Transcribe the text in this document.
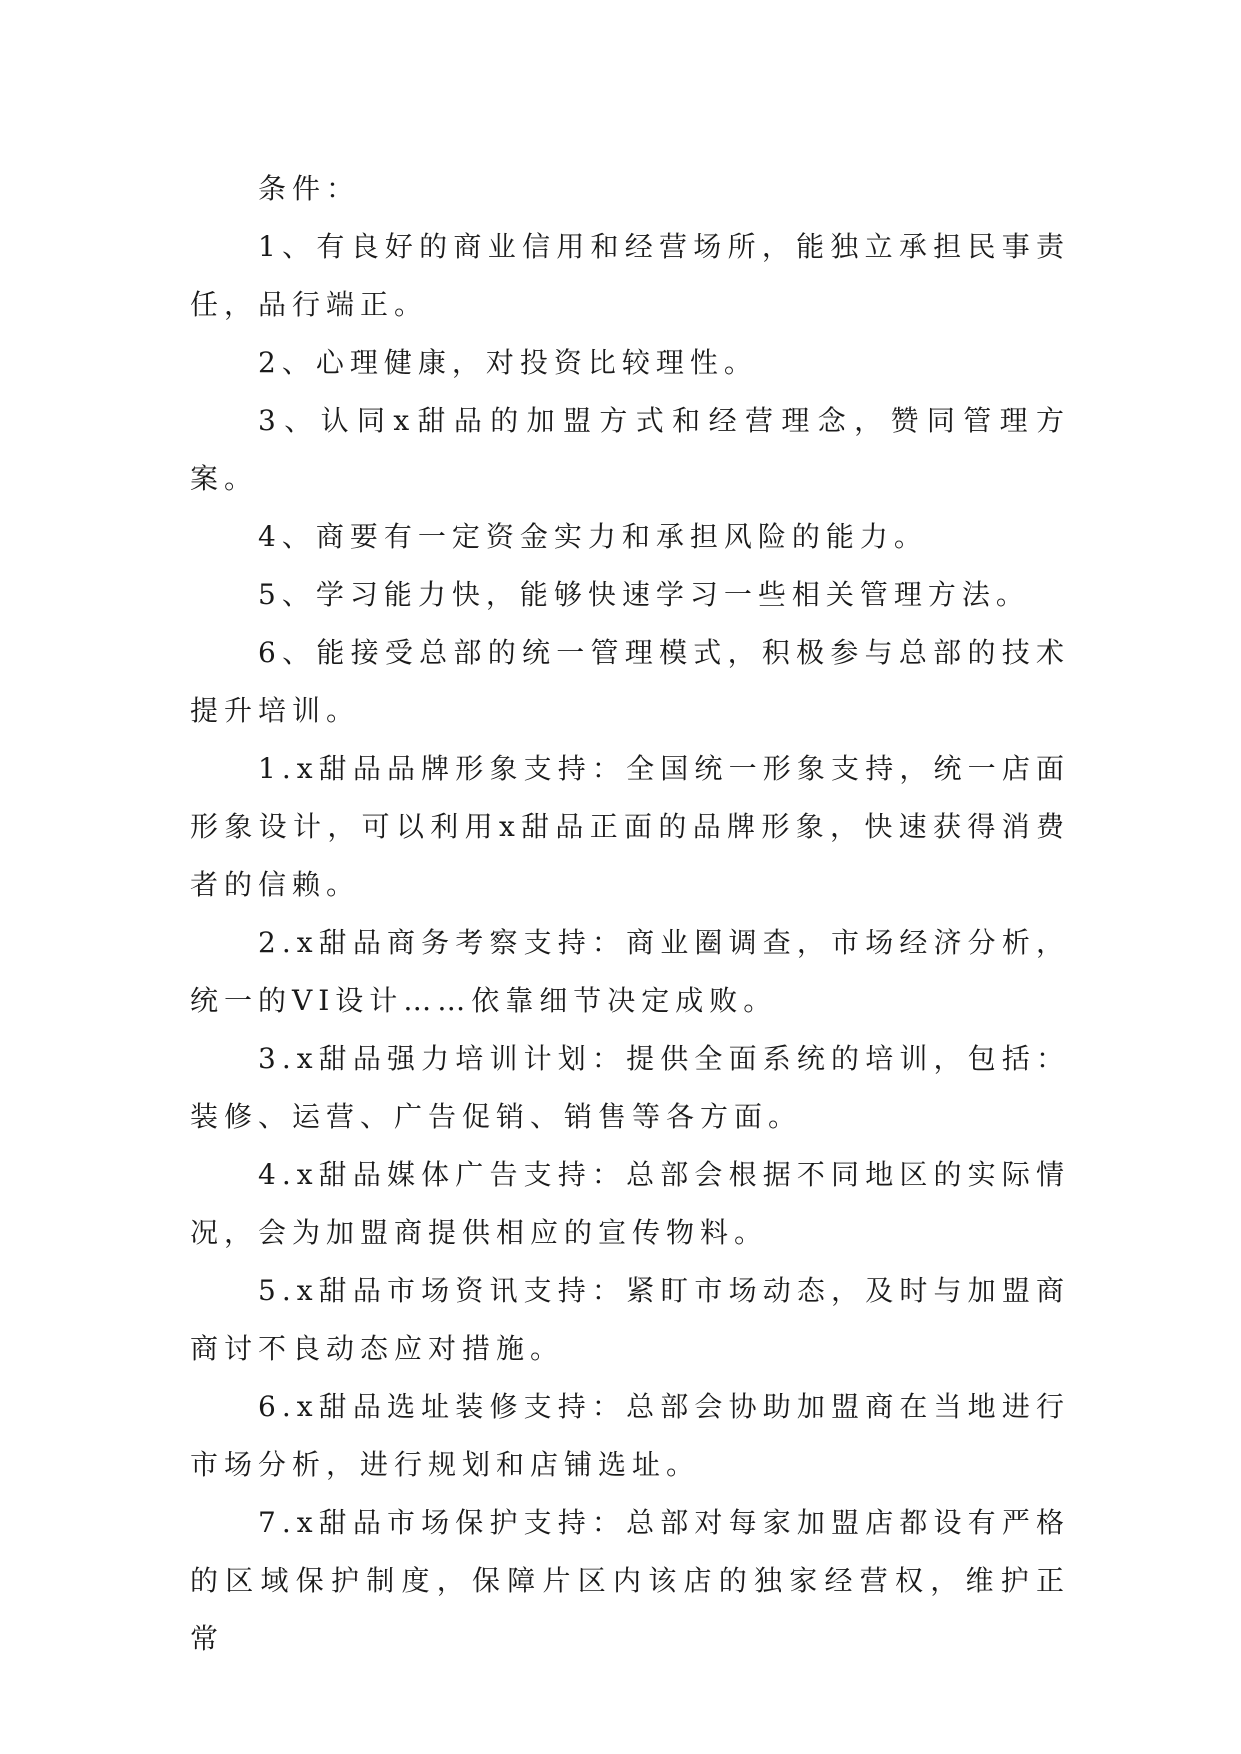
条件：

1、有良好的商业信用和经营场所，能独立承担民事责任，品行端正。

2、心理健康，对投资比较理性。

3、认同x甜品的加盟方式和经营理念，赞同管理方案。

4、商要有一定资金实力和承担风险的能力。

5、学习能力快，能够快速学习一些相关管理方法。

6、能接受总部的统一管理模式，积极参与总部的技术提升培训。

1.x甜品品牌形象支持：全国统一形象支持，统一店面形象设计，可以利用x甜品正面的品牌形象，快速获得消费者的信赖。

2.x甜品商务考察支持：商业圈调查，市场经济分析，统一的VI设计……依靠细节决定成败。

3.x甜品强力培训计划：提供全面系统的培训，包括：装修、运营、广告促销、销售等各方面。

4.x甜品媒体广告支持：总部会根据不同地区的实际情况，会为加盟商提供相应的宣传物料。

5.x甜品市场资讯支持：紧盯市场动态，及时与加盟商商讨不良动态应对措施。

6.x甜品选址装修支持：总部会协助加盟商在当地进行市场分析，进行规划和店铺选址。

7.x甜品市场保护支持：总部对每家加盟店都设有严格的区域保护制度，保障片区内该店的独家经营权，维护正常
